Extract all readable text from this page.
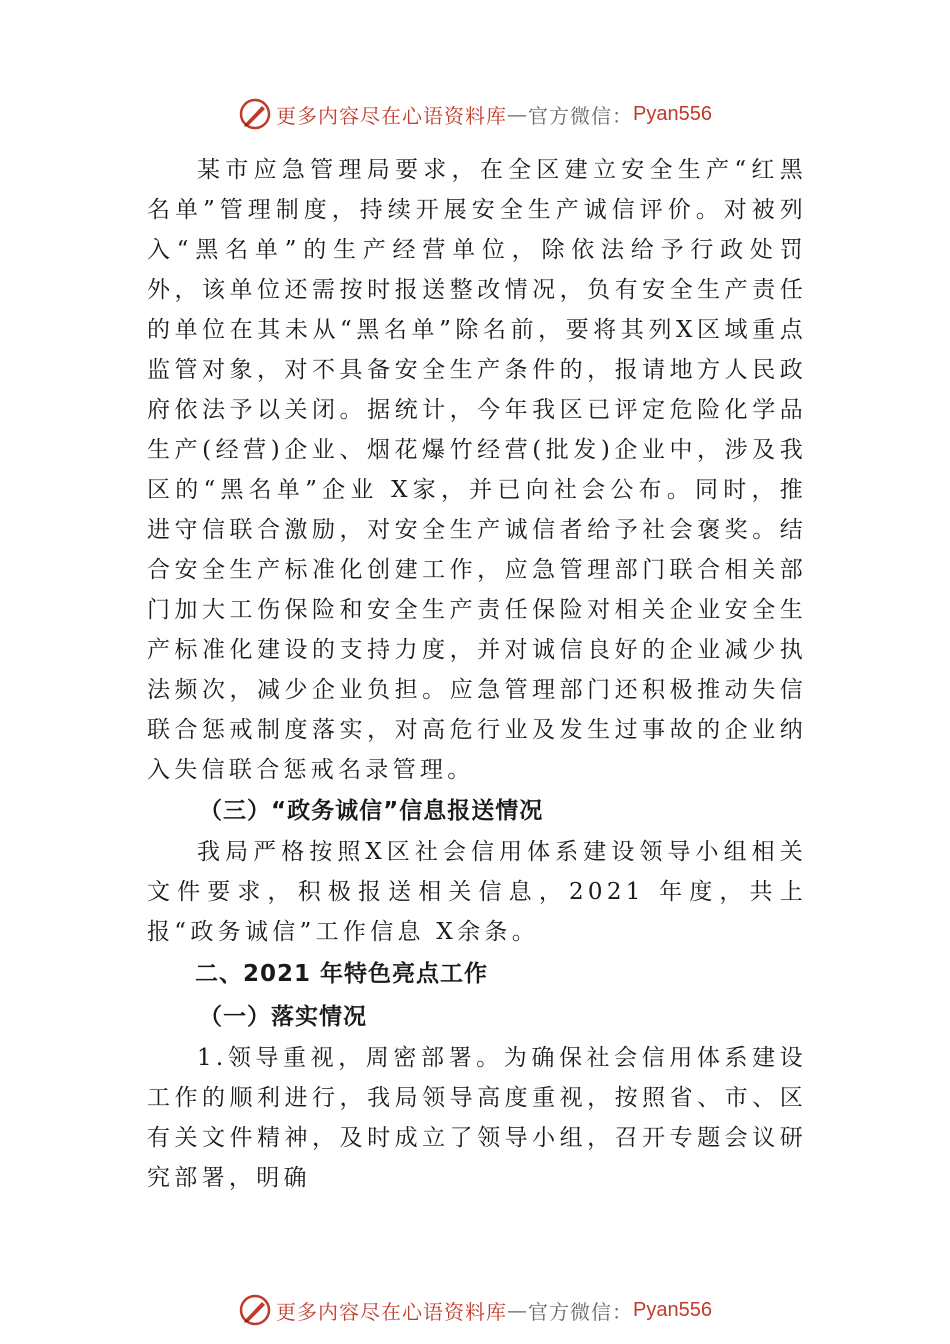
更多内容尽在心语资料库 — 官方微信： Pyan556

某市应急管理局要求，在全区建立安全生产“红黑名单”管理制度，持续开展安全生产诚信评价。对被列入“黑名单”的生产经营单位，除依法给予行政处罚外，该单位还需按时报送整改情况，负有安全生产责任的单位在其未从“黑名单”除名前，要将其列X区域重点监管对象，对不具备安全生产条件的，报请地方人民政府依法予以关闭。据统计，今年我区已评定危险化学品生产(经营)企业、烟花爆竹经营(批发)企业中，涉及我区的“黑名单”企业 X家，并已向社会公布。同时，推进守信联合激励，对安全生产诚信者给予社会褒奖。结合安全生产标准化创建工作，应急管理部门联合相关部门加大工伤保险和安全生产责任保险对相关企业安全生产标准化建设的支持力度，并对诚信良好的企业减少执法频次，减少企业负担。应急管理部门还积极推动失信联合惩戒制度落实，对高危行业及发生过事故的企业纳入失信联合惩戒名录管理。

（三）“政务诚信”信息报送情况

我局严格按照X区社会信用体系建设领导小组相关文件要求，积极报送相关信息，2021 年度，共上报“政务诚信”工作信息 X余条。

二、2021 年特色亮点工作

（一）落实情况

1.领导重视，周密部署。为确保社会信用体系建设工作的顺利进行，我局领导高度重视，按照省、市、区有关文件精神，及时成立了领导小组，召开专题会议研究部署，明确

更多内容尽在心语资料库 — 官方微信： Pyan556
